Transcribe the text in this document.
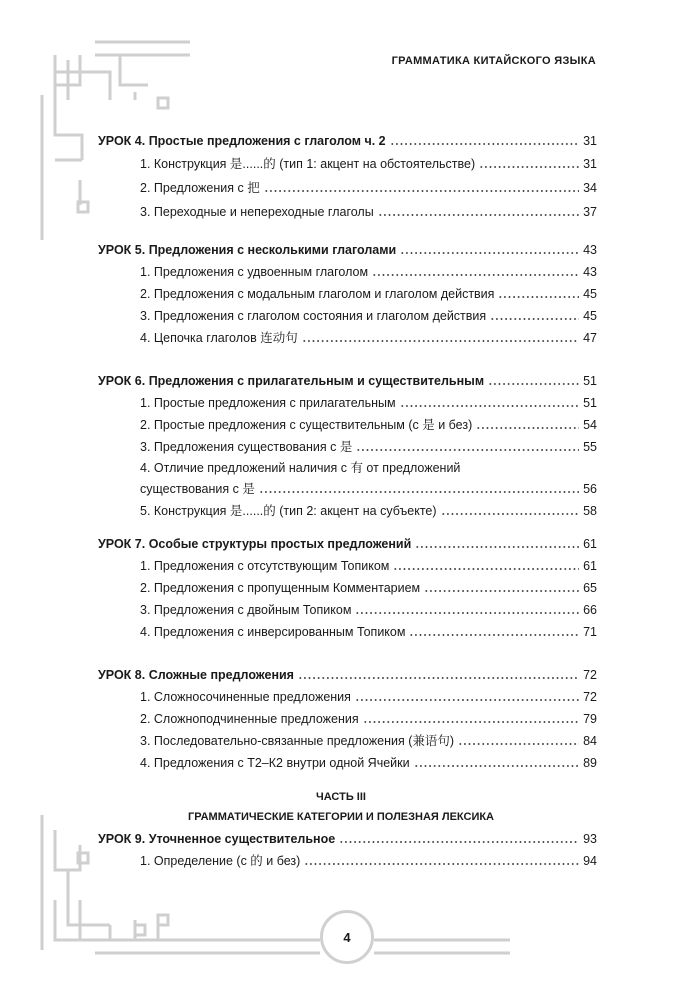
ГРАММАТИКА КИТАЙСКОГО ЯЗЫКА
УРОК 4. Простые предложения с глаголом ч. 2	31
1. Конструкция 是......的 (тип 1: акцент на обстоятельстве)	31
2. Предложения с 把	34
3. Переходные и непереходные глаголы	37
УРОК 5. Предложения с несколькими глаголами	43
1. Предложения с удвоенным глаголом	43
2. Предложения с модальным глаголом и глаголом действия	45
3. Предложения с глаголом состояния и глаголом действия	45
4. Цепочка глаголов 连动句	47
УРОК 6. Предложения с прилагательным и существительным	51
1. Простые предложения с прилагательным	51
2. Простые предложения с существительным (с 是 и без)	54
3. Предложения существования с 是	55
4. Отличие предложений наличия с 有 от предложений
существования с 是	56
5. Конструкция 是......的 (тип 2: акцент на субъекте)	58
УРОК 7. Особые структуры простых предложений	61
1. Предложения с отсутствующим Топиком	61
2. Предложения с пропущенным Комментарием	65
3. Предложения с двойным Топиком	66
4. Предложения с инверсированным Топиком	71
УРОК 8. Сложные предложения	72
1. Сложносочиненные предложения	72
2. Сложноподчиненные предложения	79
3. Последовательно-связанные предложения (兼语句)	84
4. Предложения с Т2–К2 внутри одной Ячейки	89
УРОК 9. Уточненное существительное	93
1. Определение (с 的 и без)	94
ЧАСТЬ III
ГРАММАТИЧЕСКИЕ КАТЕГОРИИ И ПОЛЕЗНАЯ ЛЕКСИКА
4
